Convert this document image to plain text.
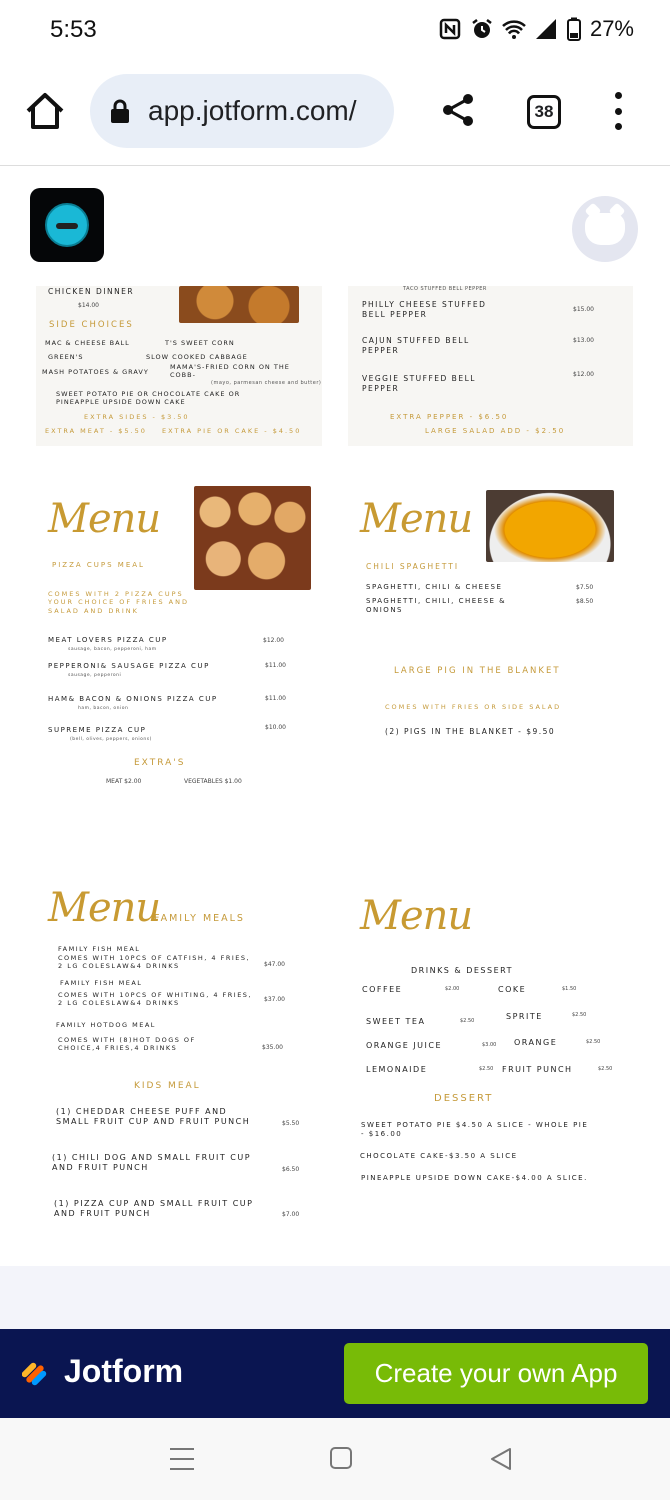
5:53	27%
app.jotform.com/	38
CHICKEN DINNER
$14.00
SIDE CHOICES
MAC & CHEESE BALL	T'S SWEET CORN
GREEN'S	SLOW COOKED CABBAGE
MASH POTATOES & GRAVY
MAMA'S-FRIED CORN ON THE COBB-
(mayo, parmesan cheese and butter)
SWEET POTATO PIE OR CHOCOLATE CAKE OR PINEAPPLE UPSIDE DOWN CAKE
EXTRA SIDES - $3.50
EXTRA MEAT - $5.50 EXTRA PIE OR CAKE - $4.50
TACO STUFFED BELL PEPPER
PHILLY CHEESE STUFFED BELL PEPPER
$15.00
CAJUN STUFFED BELL PEPPER
$13.00
VEGGIE STUFFED BELL PEPPER
$12.00
EXTRA PEPPER - $6.50
LARGE SALAD ADD - $2.50
Menu
PIZZA CUPS MEAL
COMES WITH 2 PIZZA CUPS YOUR CHOICE OF FRIES AND SALAD AND DRINK
MEAT LOVERS PIZZA CUP	$12.00
sausage, bacon, pepperoni, ham
PEPPERONI& SAUSAGE PIZZA CUP	$11.00
sausage, pepperoni
HAM& BACON & ONIONS PIZZA CUP	$11.00
ham, bacon, onion
SUPREME PIZZA CUP	$10.00
(bell, olives, peppers, onions)
EXTRA'S
MEAT $2.00	VEGETABLES $1.00
Menu
CHILI SPAGHETTI
SPAGHETTI, CHILI & CHEESE	$7.50
SPAGHETTI, CHILI, CHEESE & ONIONS
$8.50
LARGE PIG IN THE BLANKET
COMES WITH FRIES OR SIDE SALAD
(2) PIGS IN THE BLANKET - $9.50
Menu
FAMILY MEALS
FAMILY FISH MEAL
COMES WITH 10PCS OF CATFISH, 4 FRIES, 2 LG COLESLAW&4 DRINKS	$47.00
FAMILY FISH MEAL
COMES WITH 10PCS OF WHITING, 4 FRIES, 2 LG COLESLAW&4 DRINKS	$37.00
FAMILY HOTDOG MEAL
COMES WITH (8)HOT DOGS OF CHOICE,4 FRIES,4 DRINKS	$35.00
KIDS MEAL
(1) CHEDDAR CHEESE PUFF AND SMALL FRUIT CUP AND FRUIT PUNCH	$5.50
(1) CHILI DOG AND SMALL FRUIT CUP AND FRUIT PUNCH	$6.50
(1) PIZZA CUP AND SMALL FRUIT CUP AND FRUIT PUNCH	$7.00
Menu
DRINKS & DESSERT
COFFEE	$2.00	COKE	$1.50
SWEET TEA	$2.50	SPRITE	$2.50
ORANGE JUICE	$3.00 ORANGE	$2.50
LEMONAIDE	$2.50 FRUIT PUNCH	$2.50
DESSERT
SWEET POTATO PIE $4.50 A SLICE - WHOLE PIE - $16.00
CHOCOLATE CAKE-$3.50 A SLICE
PINEAPPLE UPSIDE DOWN CAKE-$4.00 A SLICE.
Jotform	Create your own App
